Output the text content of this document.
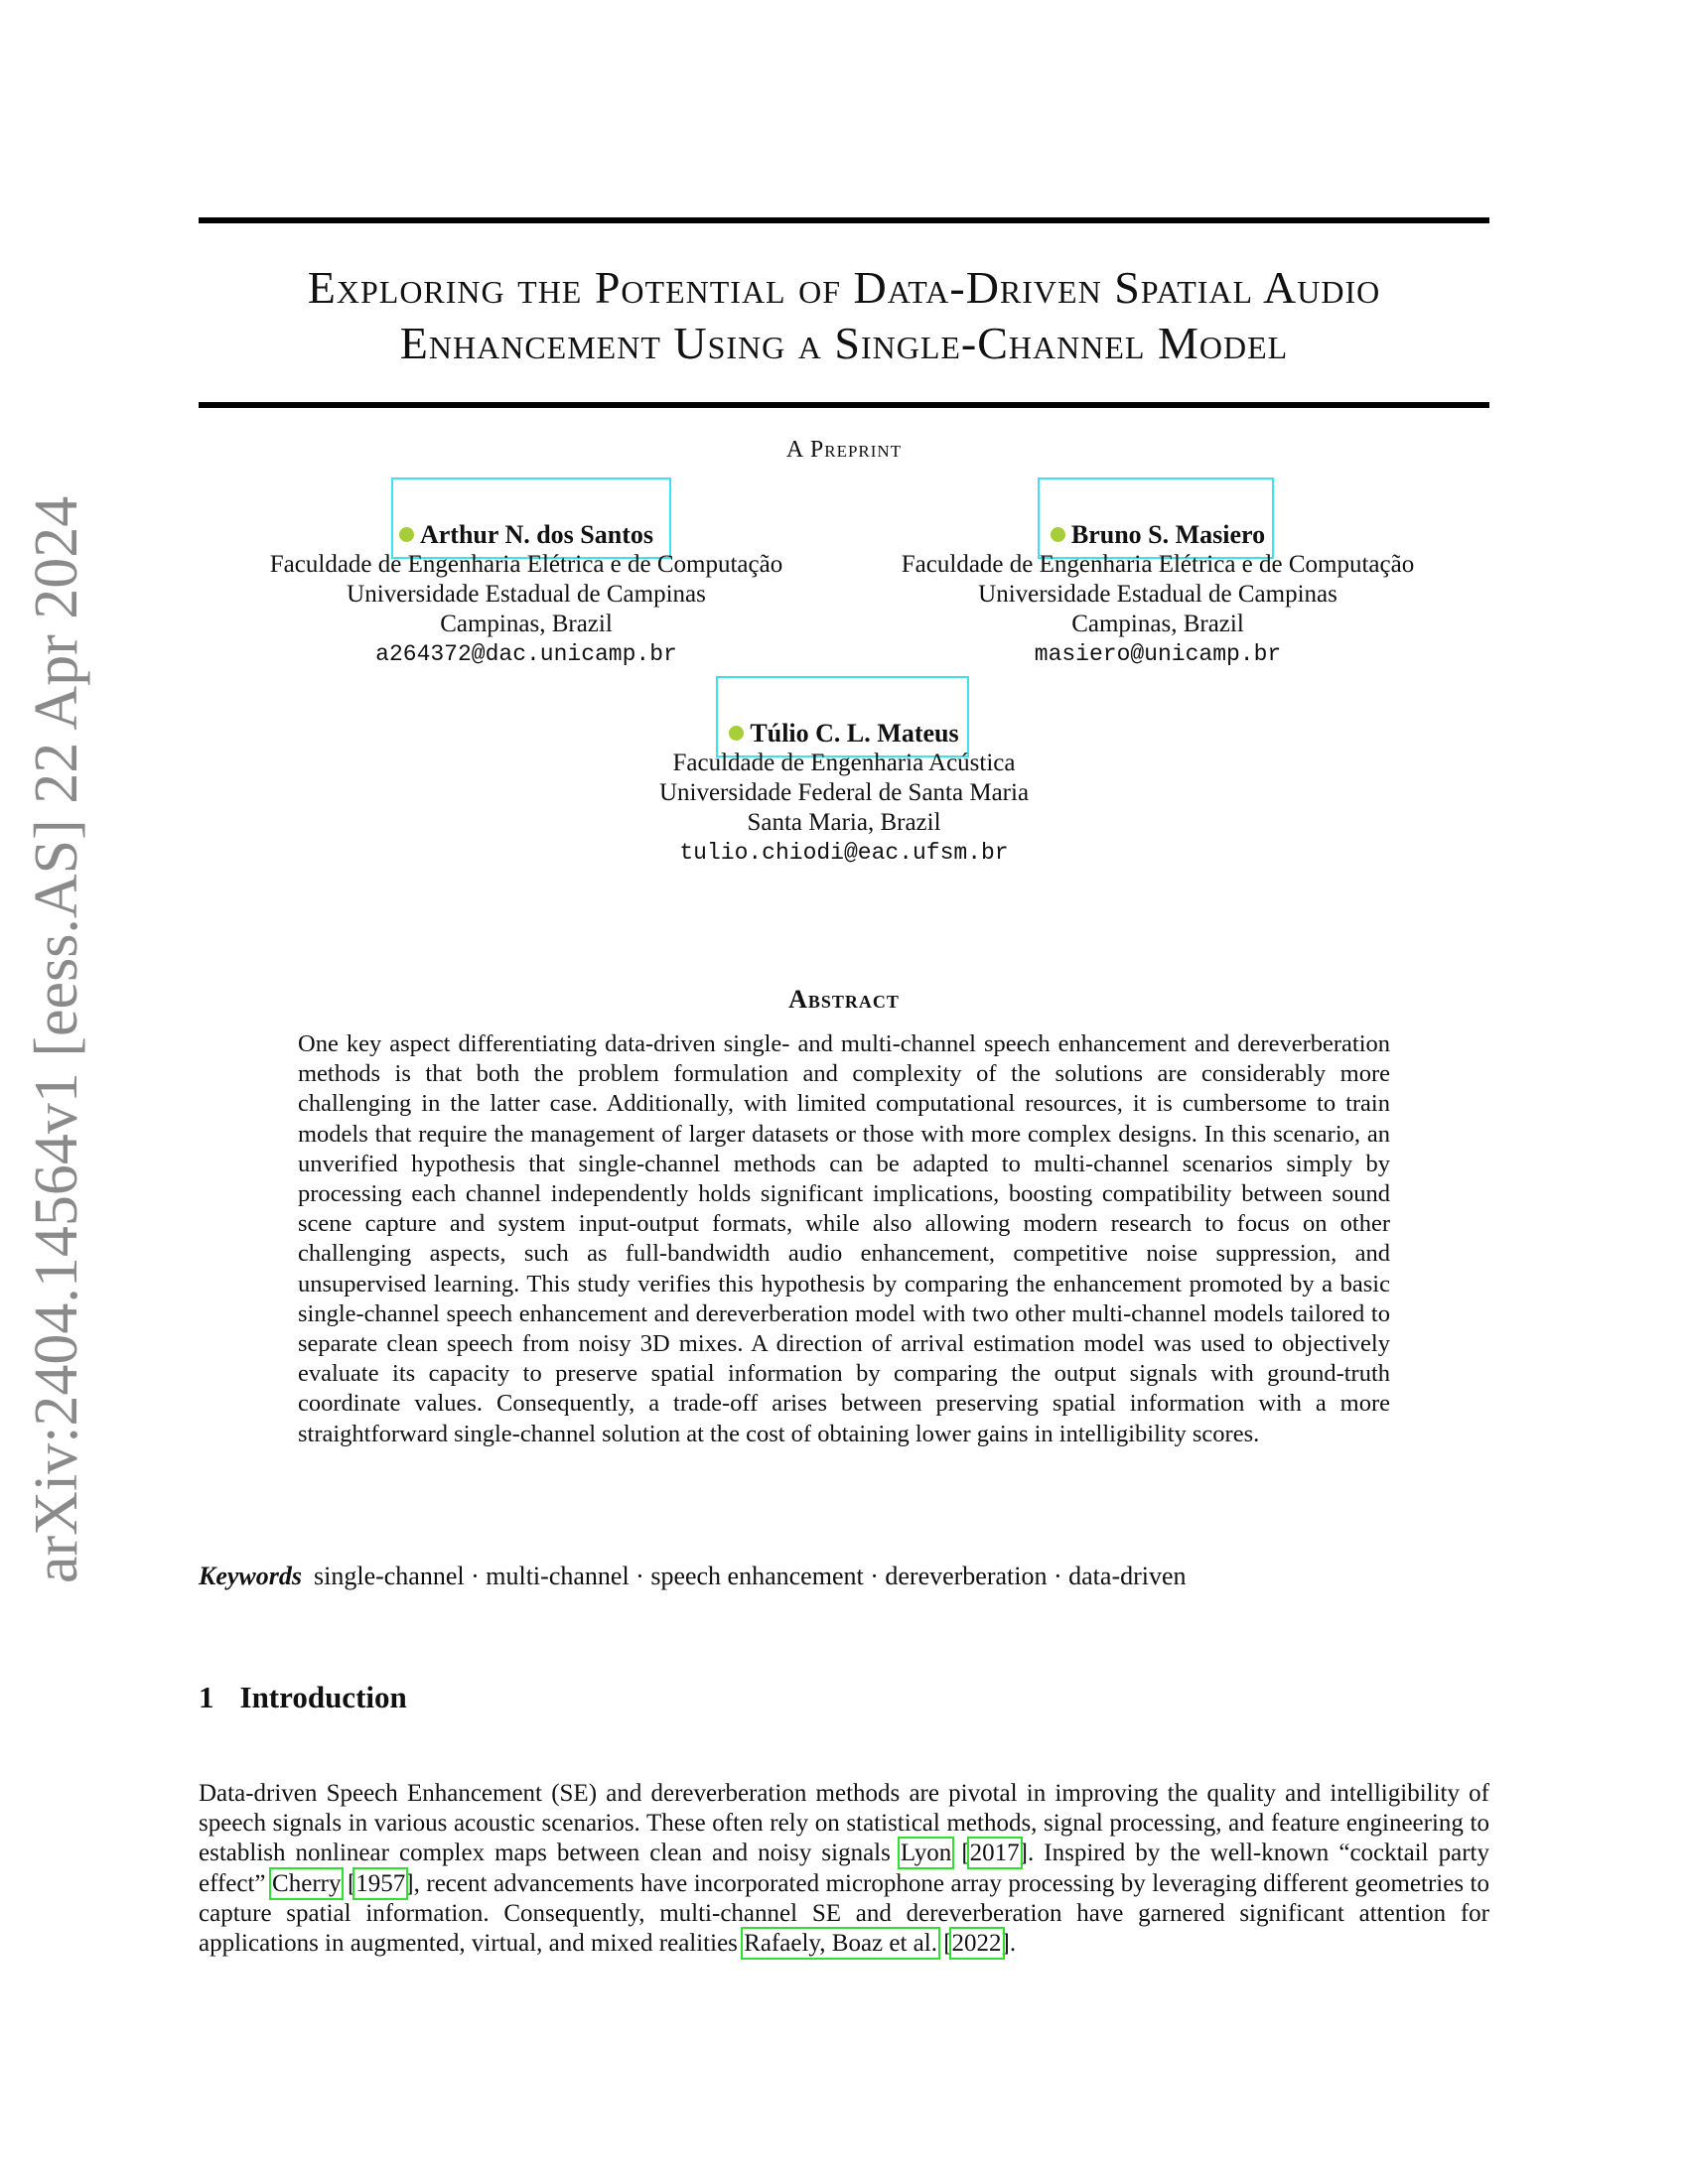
arXiv:2404.14564v1 [eess.AS] 22 Apr 2024
Exploring the Potential of Data-Driven Spatial Audio
Enhancement Using a Single-Channel Model
A Preprint
Arthur N. dos Santos
Faculdade de Engenharia Elétrica e de Computação
Universidade Estadual de Campinas
Campinas, Brazil
a264372@dac.unicamp.br
Bruno S. Masiero
Faculdade de Engenharia Elétrica e de Computação
Universidade Estadual de Campinas
Campinas, Brazil
masiero@unicamp.br
Túlio C. L. Mateus
Faculdade de Engenharia Acústica
Universidade Federal de Santa Maria
Santa Maria, Brazil
tulio.chiodi@eac.ufsm.br
Abstract
One key aspect differentiating data-driven single- and multi-channel speech enhancement and dereverberation methods is that both the problem formulation and complexity of the solutions are considerably more challenging in the latter case. Additionally, with limited computational resources, it is cumbersome to train models that require the management of larger datasets or those with more complex designs. In this scenario, an unverified hypothesis that single-channel methods can be adapted to multi-channel scenarios simply by processing each channel independently holds significant implications, boosting compatibility between sound scene capture and system input-output formats, while also allowing modern research to focus on other challenging aspects, such as full-bandwidth audio enhancement, competitive noise suppression, and unsupervised learning. This study verifies this hypothesis by comparing the enhancement promoted by a basic single-channel speech enhancement and dereverberation model with two other multi-channel models tailored to separate clean speech from noisy 3D mixes. A direction of arrival estimation model was used to objectively evaluate its capacity to preserve spatial information by comparing the output signals with ground-truth coordinate values. Consequently, a trade-off arises between preserving spatial information with a more straightforward single-channel solution at the cost of obtaining lower gains in intelligibility scores.
Keywords single-channel · multi-channel · speech enhancement · dereverberation · data-driven
1 Introduction
Data-driven Speech Enhancement (SE) and dereverberation methods are pivotal in improving the quality and intelligibility of speech signals in various acoustic scenarios. These often rely on statistical methods, signal processing, and feature engineering to establish nonlinear complex maps between clean and noisy signals Lyon [2017]. Inspired by the well-known “cocktail party effect” Cherry [1957], recent advancements have incorporated microphone array processing by leveraging different geometries to capture spatial information. Consequently, multi-channel SE and dereverberation have garnered significant attention for applications in augmented, virtual, and mixed realities Rafaely, Boaz et al. [2022].
